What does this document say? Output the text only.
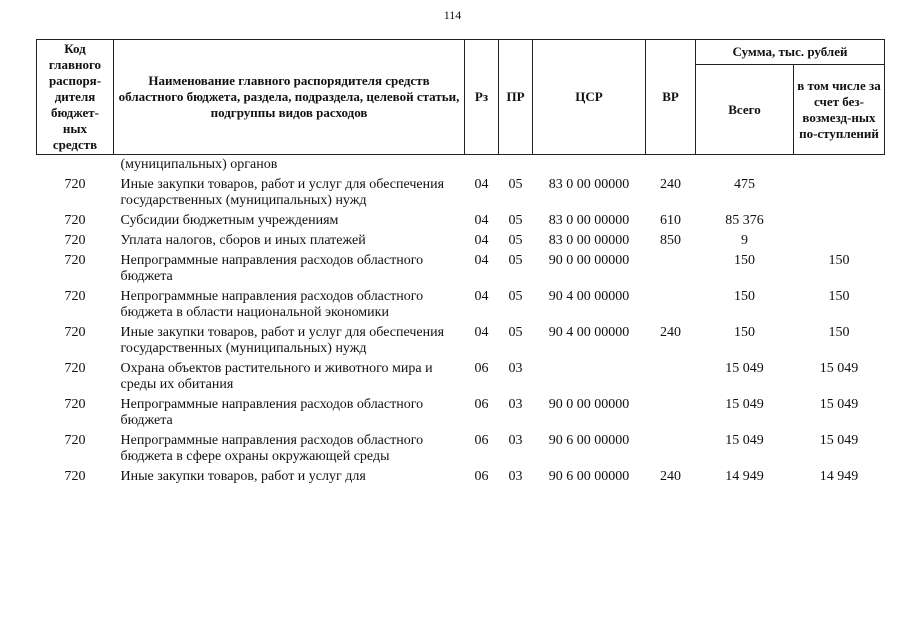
114
Код главного распоря-дителя бюджет-ных средств	Наименование главного распорядителя средств областного бюджета, раздела, подраздела, целевой статьи, подгруппы видов расходов	Рз	ПР	ЦСР	ВР	Сумма, тыс. рублей	
						Всего	в том числе за счет без-возмезд-ных по-ступлений
	(муниципальных) органов						
720	Иные закупки товаров, работ и услуг для обеспечения государственных (муниципальных) нужд	04	05	83 0 00 00000	240	475	
720	Субсидии бюджетным учреждениям	04	05	83 0 00 00000	610	85 376	
720	Уплата налогов, сборов и иных платежей	04	05	83 0 00 00000	850	9	
720	Непрограммные направления расходов областного бюджета	04	05	90 0 00 00000		150	150
720	Непрограммные направления расходов областного бюджета в области национальной экономики	04	05	90 4 00 00000		150	150
720	Иные закупки товаров, работ и услуг для обеспечения государственных (муниципальных) нужд	04	05	90 4 00 00000	240	150	150
720	Охрана объектов растительного и животного мира и среды их обитания	06	03			15 049	15 049
720	Непрограммные направления расходов областного бюджета	06	03	90 0 00 00000		15 049	15 049
720	Непрограммные направления расходов областного бюджета в сфере охраны окружающей среды	06	03	90 6 00 00000		15 049	15 049
720	Иные закупки товаров, работ и услуг для	06	03	90 6 00 00000	240	14 949	14 949
